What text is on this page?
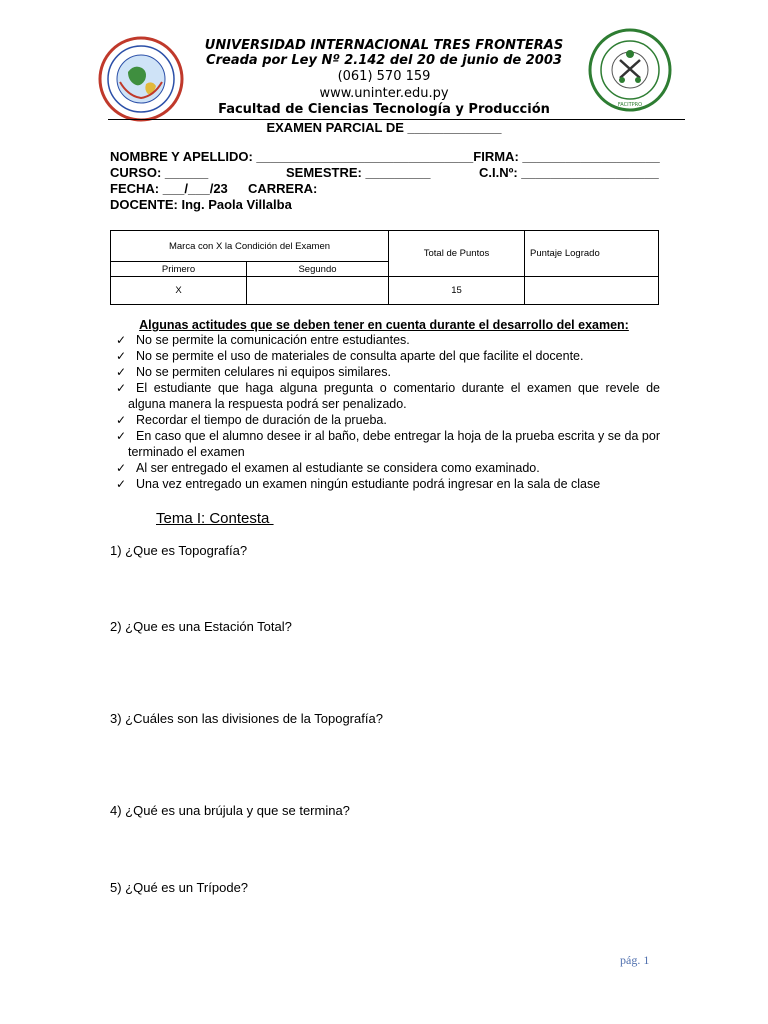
FACITPRO
UNIVERSIDAD INTERNACIONAL TRES FRONTERAS
Creada por Ley Nº 2.142 del 20 de junio de 2003
(061) 570 159
www.uninter.edu.py
Facultad de Ciencias Tecnología y Producción
EXAMEN PARCIAL DE _____________
NOMBRE Y APELLIDO: ______________________________FIRMA: ___________________
CURSO: ______	SEMESTRE: _________	C.I.Nº: ___________________
FECHA: ___/___/23 CARRERA:
DOCENTE: Ing. Paola Villalba
Marca con X la Condición del Examen		Total de Puntos	Puntaje Logrado
Primero	Segundo		
X		15	
Algunas actitudes que se deben tener en cuenta durante el desarrollo del examen:
✓ No se permite la comunicación entre estudiantes.
✓ No se permite el uso de materiales de consulta aparte del que facilite el docente.
✓ No se permiten celulares ni equipos similares.
✓ El estudiante que haga alguna pregunta o comentario durante el examen que revele de alguna manera la respuesta podrá ser penalizado.
✓ Recordar el tiempo de duración de la prueba.
✓ En caso que el alumno desee ir al baño, debe entregar la hoja de la prueba escrita y se da por terminado el examen
✓ Al ser entregado el examen al estudiante se considera como examinado.
✓ Una vez entregado un examen ningún estudiante podrá ingresar en la sala de clase
Tema I: Contesta
1) ¿Que es Topografía?
2) ¿Que es una Estación Total?
3) ¿Cuáles son las divisiones de la Topografía?
4) ¿Qué es una brújula y que se termina?
5) ¿Qué es un Trípode?
pág. 1
